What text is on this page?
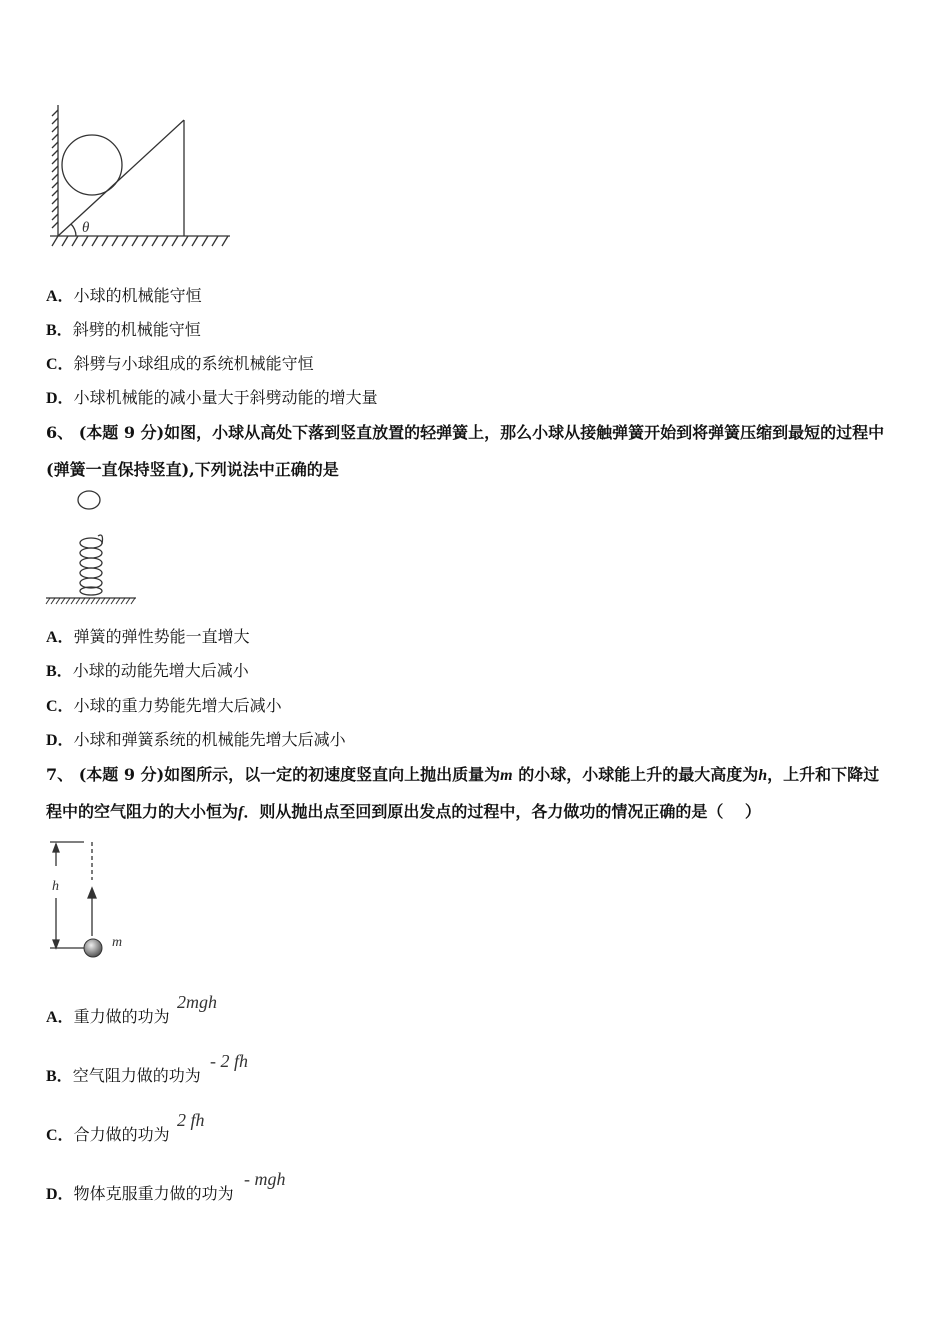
θ
A．小球的机械能守恒
B．斜劈的机械能守恒
C．斜劈与小球组成的系统机械能守恒
D．小球机械能的减小量大于斜劈动能的增大量
6、 (本题 9 分)如图，小球从高处下落到竖直放置的轻弹簧上，那么小球从接触弹簧开始到将弹簧压缩到最短的过程中
(弹簧一直保持竖直),下列说法中正确的是
A．弹簧的弹性势能一直增大
B．小球的动能先增大后减小
C．小球的重力势能先增大后减小
D．小球和弹簧系统的机械能先增大后减小
7、 (本题 9 分)如图所示，以一定的初速度竖直向上抛出质量为m 的小球，小球能上升的最大高度为h，上升和下降过
程中的空气阻力的大小恒为f．则从抛出点至回到原出发点的过程中，各力做功的情况正确的是（　 ）
h
m
A．重力做的功为
2mgh
B．空气阻力做的功为
- 2 fh
C．合力做的功为
2 fh
D．物体克服重力做的功为
- mgh
